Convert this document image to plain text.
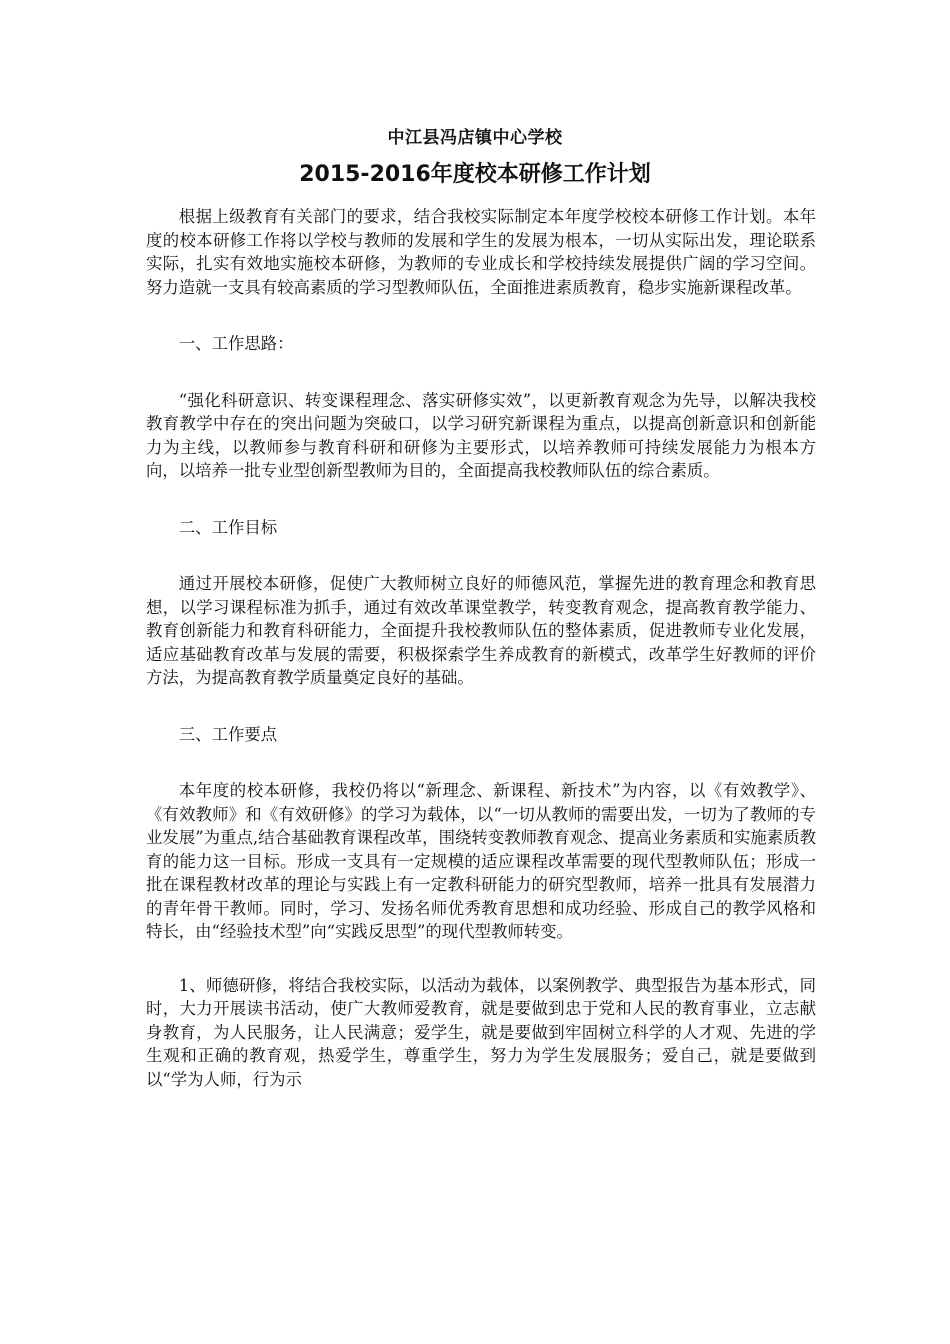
中江县冯店镇中心学校
2015-2016年度校本研修工作计划

根据上级教育有关部门的要求，结合我校实际制定本年度学校校本研修工作计划。本年度的校本研修工作将以学校与教师的发展和学生的发展为根本，一切从实际出发，理论联系实际，扎实有效地实施校本研修，为教师的专业成长和学校持续发展提供广阔的学习空间。努力造就一支具有较高素质的学习型教师队伍，全面推进素质教育，稳步实施新课程改革。

一、工作思路：

“强化科研意识、转变课程理念、落实研修实效”，以更新教育观念为先导，以解决我校教育教学中存在的突出问题为突破口，以学习研究新课程为重点，以提高创新意识和创新能力为主线，以教师参与教育科研和研修为主要形式，以培养教师可持续发展能力为根本方向，以培养一批专业型创新型教师为目的，全面提高我校教师队伍的综合素质。

二、工作目标

通过开展校本研修，促使广大教师树立良好的师德风范，掌握先进的教育理念和教育思想，以学习课程标准为抓手，通过有效改革课堂教学，转变教育观念，提高教育教学能力、教育创新能力和教育科研能力，全面提升我校教师队伍的整体素质，促进教师专业化发展，适应基础教育改革与发展的需要，积极探索学生养成教育的新模式，改革学生好教师的评价方法，为提高教育教学质量奠定良好的基础。

三、工作要点

本年度的校本研修，我校仍将以“新理念、新课程、新技术”为内容，以《有效教学》、《有效教师》和《有效研修》的学习为载体，以“一切从教师的需要出发，一切为了教师的专业发展”为重点,结合基础教育课程改革，围绕转变教师教育观念、提高业务素质和实施素质教育的能力这一目标。形成一支具有一定规模的适应课程改革需要的现代型教师队伍；形成一批在课程教材改革的理论与实践上有一定教科研能力的研究型教师，培养一批具有发展潜力的青年骨干教师。同时，学习、发扬名师优秀教育思想和成功经验、形成自己的教学风格和特长，由“经验技术型”向“实践反思型”的现代型教师转变。

1、师德研修，将结合我校实际，以活动为载体，以案例教学、典型报告为基本形式，同时，大力开展读书活动，使广大教师爱教育，就是要做到忠于党和人民的教育事业，立志献身教育，为人民服务，让人民满意；爱学生，就是要做到牢固树立科学的人才观、先进的学生观和正确的教育观，热爱学生，尊重学生，努力为学生发展服务；爱自己，就是要做到以“学为人师，行为示
